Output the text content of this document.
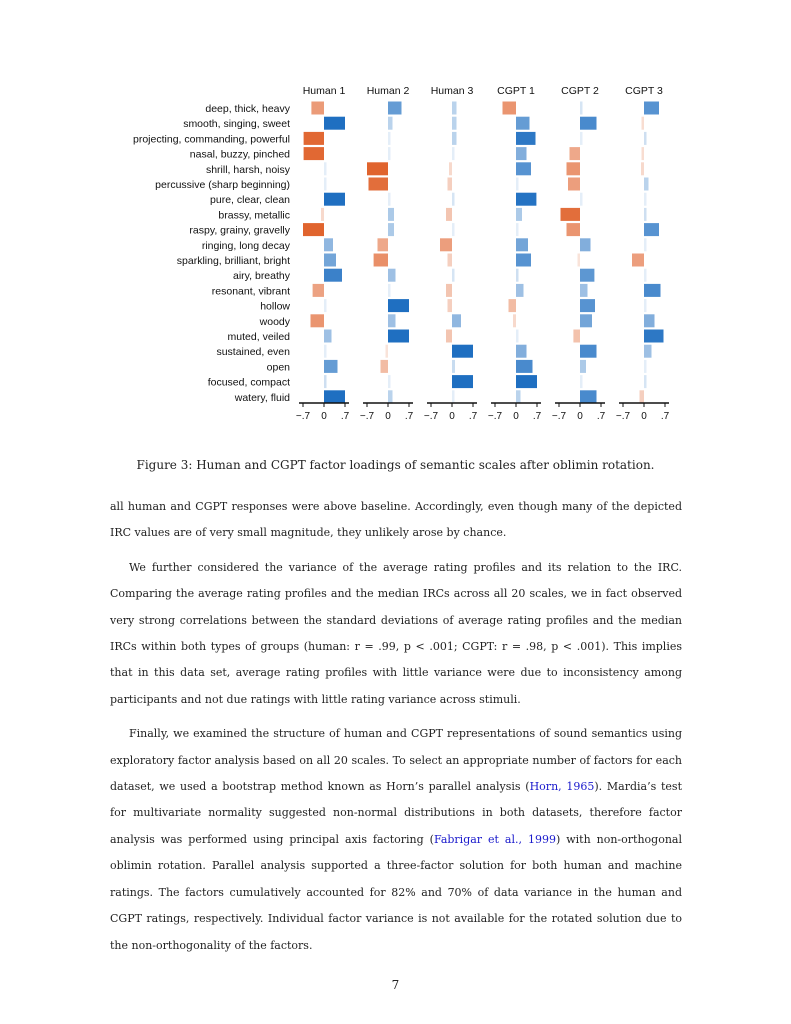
Human 1 Human 2 Human 3 CGPT 1	CGPT 2	CGPT 3
deep, thick, heavy
smooth, singing, sweet
projecting, commanding, powerful
nasal, buzzy, pinched
shrill, harsh, noisy
percussive (sharp beginning)
pure, clear, clean
brassy, metallic
raspy, grainy, gravelly
ringing, long decay
sparkling, brilliant, bright
airy, breathy
resonant, vibrant
hollow
woody
muted, veiled
sustained, even
open
focused, compact
watery, fluid
−.7 0 .7 −.7 0 .7 −.7 0 .7 −.7 0 .7 −.7 0 .7 −.7 0 .7
Figure 3: Human and CGPT factor loadings of semantic scales after oblimin rotation.

all human and CGPT responses were above baseline. Accordingly, even though many of the depicted IRC values are of very small magnitude, they unlikely arose by chance.

We further considered the variance of the average rating profiles and its relation to the IRC. Comparing the average rating profiles and the median IRCs across all 20 scales, we in fact observed very strong correlations between the standard deviations of average rating profiles and the median IRCs within both types of groups (human: r = .99, p < .001; CGPT: r = .98, p < .001). This implies that in this data set, average rating profiles with little variance were due to inconsistency among participants and not due ratings with little rating variance across stimuli.

Finally, we examined the structure of human and CGPT representations of sound semantics using exploratory factor analysis based on all 20 scales. To select an appropriate number of factors for each dataset, we used a bootstrap method known as Horn’s parallel analysis (Horn, 1965). Mardia’s test for multivariate normality suggested non-normal distributions in both datasets, therefore factor analysis was performed using principal axis factoring (Fabrigar et al., 1999) with non-orthogonal oblimin rotation. Parallel analysis supported a three-factor solution for both human and machine ratings. The factors cumulatively accounted for 82% and 70% of data variance in the human and CGPT ratings, respectively. Individual factor variance is not available for the rotated solution due to the non-orthogonality of the factors.

7
